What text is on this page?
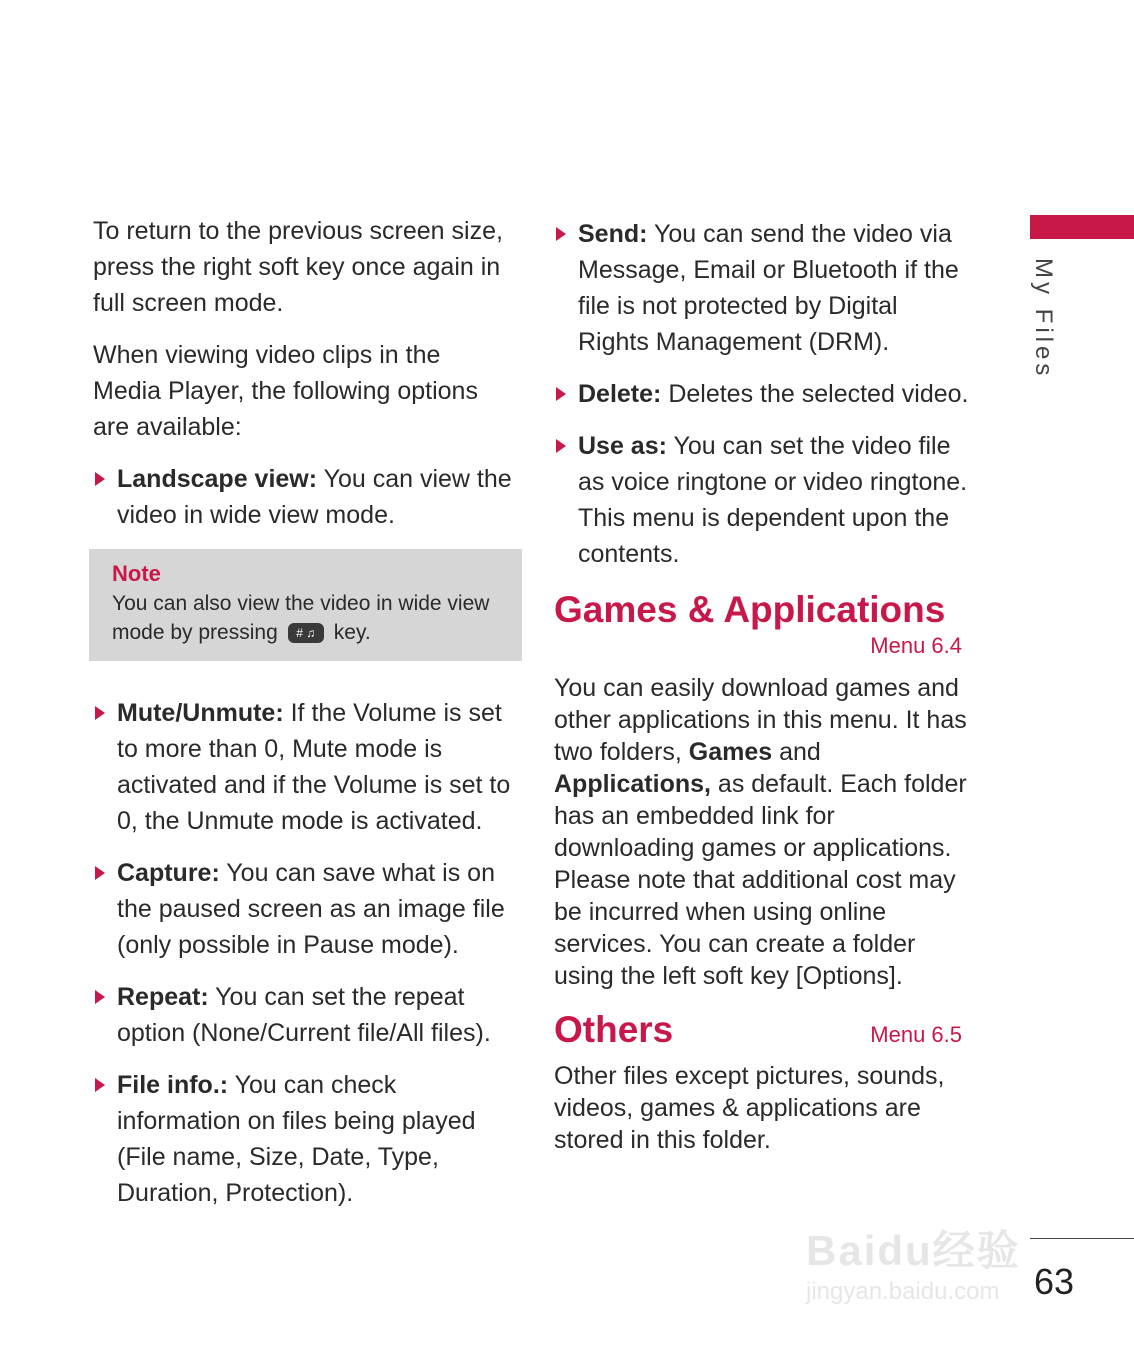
To return to the previous screen size, press the right soft key once again in full screen mode.

When viewing video clips in the Media Player, the following options are available:

Landscape view: You can view the video in wide view mode.
Note
You can also view the video in wide view mode by pressing # ♫ key.
Mute/Unmute: If the Volume is set to more than 0, Mute mode is activated and if the Volume is set to 0, the Unmute mode is activated.
Capture: You can save what is on the paused screen as an image file (only possible in Pause mode).
Repeat: You can set the repeat option (None/Current file/All files).
File info.: You can check information on files being played (File name, Size, Date, Type, Duration, Protection).
Send: You can send the video via Message, Email or Bluetooth if the file is not protected by Digital Rights Management (DRM).
Delete: Deletes the selected video.
Use as: You can set the video file as voice ringtone or video ringtone. This menu is dependent upon the contents.
Games & Applications
Menu 6.4

You can easily download games and other applications in this menu. It has two folders, Games and Applications, as default. Each folder has an embedded link for downloading games or applications. Please note that additional cost may be incurred when using online services. You can create a folder using the left soft key [Options].

Others	Menu 6.5

Other files except pictures, sounds, videos, games & applications are stored in this folder.

My Files
Baidu经验
jingyan.baidu.com 63
